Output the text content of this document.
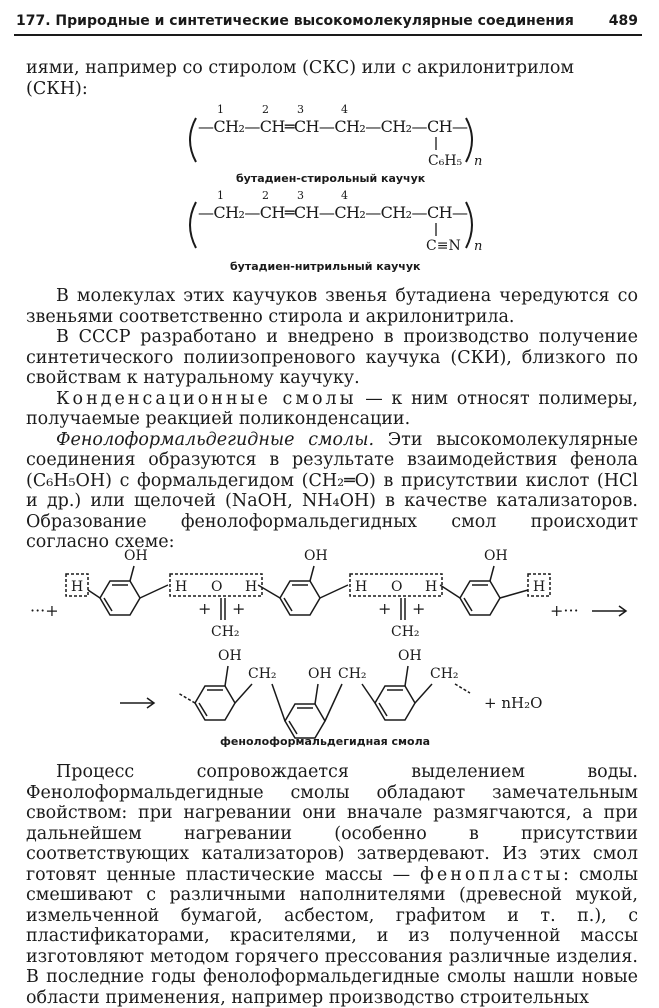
177. Природные и синтетические высокомолекулярные соединения 489

иями, например со стиролом (СКС) или с акрилонитрилом

(СКН):

1	2	3	4
—CH₂—CH═CH—CH₂—CH₂—CH—
C₆H₅ n
бутадиен-стирольный каучук
1	2	3	4
—CH₂—CH═CH—CH₂—CH₂—CH—
C≡N n
бутадиен-нитрильный каучук

В молекулах этих каучуков звенья бутадиена чередуются со звеньями соответственно стирола и акрилонитрила.

В СССР разработано и внедрено в производство получение синтетического полиизопренового каучука (СКИ), близкого по свойствам к натуральному каучуку.

Конденсационные смолы — к ним относят полимеры, получаемые реакцией поликонденсации.

Фенолоформальдегидные смолы. Эти высокомолекулярные соединения образуются в результате взаимодействия фенола (C₆H₅OH) с формальдегидом (CH₂═O) в присутствии кислот (HCl и др.) или щелочей (NaOH, NH₄OH) в качестве катализаторов. Образование фенолоформальдегидных смол происходит согласно схеме:

OH	OH	OH
H	H O H	H O H	H
···+	+ +	+ +	+···
CH₂	CH₂
OH
OH
OH
CH₂	CH₂	CH₂
+ nH₂O
фенолоформальдегидная смола

Процесс сопровождается выделением воды. Фенолоформальдегидные смолы обладают замечательным свойством: при нагревании они вначале размягчаются, а при дальнейшем нагревании (особенно в присутствии соответствующих катализаторов) затвердевают. Из этих смол готовят ценные пластические массы — фенопласты: смолы смешивают с различными наполнителями (древесной мукой, измельченной бумагой, асбестом, графитом и т. п.), с пластификаторами, красителями, и из полученной массы изготовляют методом горячего прессования различные изделия. В последние годы фенолоформальдегидные смолы нашли новые области применения, например производство строительных
